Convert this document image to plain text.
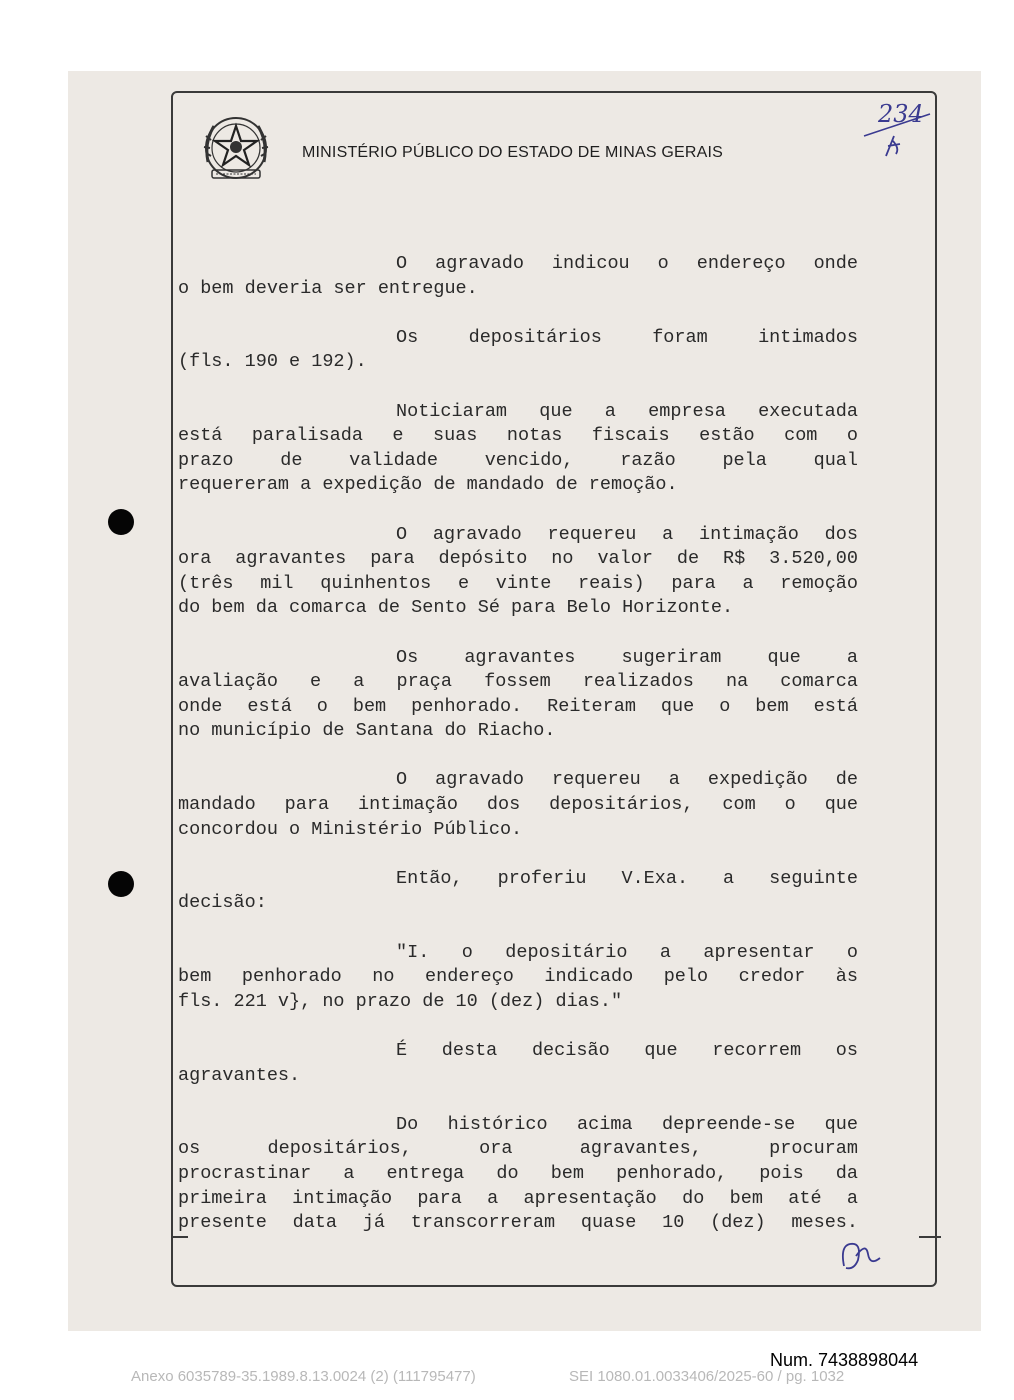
MINISTÉRIO PÚBLICO DO ESTADO DE MINAS GERAIS
234
O agravado indicou o endereço onde
o bem deveria ser entregue.
Os depositários foram intimados
(fls. 190 e 192).
Noticiaram que a empresa executada
está paralisada e suas notas fiscais estão com o
prazo de validade vencido, razão pela qual
requereram a expedição de mandado de remoção.
O agravado requereu a intimação dos
ora agravantes para depósito no valor de R$ 3.520,00
(três mil quinhentos e vinte reais) para a remoção
do bem da comarca de Sento Sé para Belo Horizonte.
Os agravantes sugeriram que a
avaliação e a praça fossem realizados na comarca
onde está o bem penhorado. Reiteram que o bem está
no município de Santana do Riacho.
O agravado requereu a expedição de
mandado para intimação dos depositários, com o que
concordou o Ministério Público.
Então, proferiu V.Exa. a seguinte
decisão:
"I. o depositário a apresentar o
bem penhorado no endereço indicado pelo credor às
fls. 221 v}, no prazo de 10 (dez) dias."
É desta decisão que recorrem os
agravantes.
Do histórico acima depreende-se que
os depositários, ora agravantes, procuram
procrastinar a entrega do bem penhorado, pois da
primeira intimação para a apresentação do bem até a
presente data já transcorreram quase 10 (dez) meses.
Num. 7438898044
Anexo 6035789-35.1989.8.13.0024 (2) (111795477)	SEI 1080.01.0033406/2025-60 / pg. 1032
